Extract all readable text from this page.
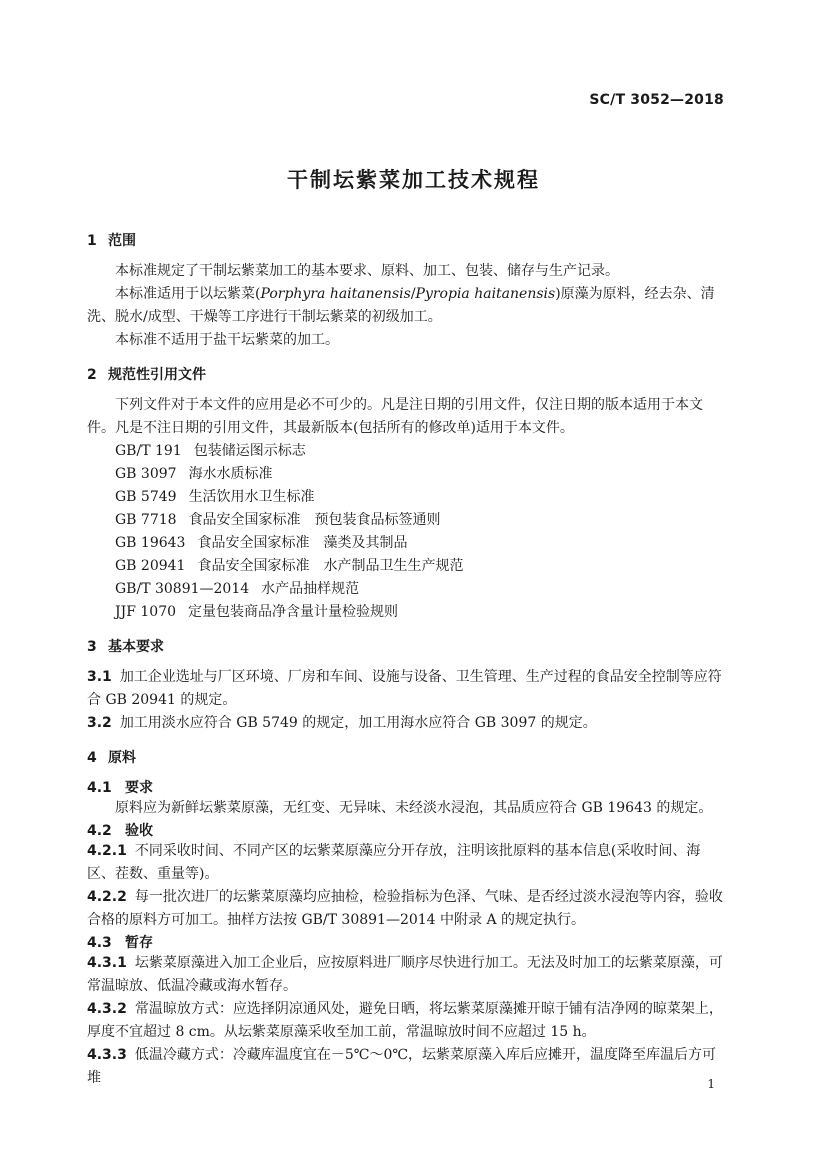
SC/T 3052—2018
干制坛紫菜加工技术规程
1 范围

本标准规定了干制坛紫菜加工的基本要求、原料、加工、包装、储存与生产记录。

本标准适用于以坛紫菜(Porphyra haitanensis/Pyropia haitanensis)原藻为原料，经去杂、清洗、脱水/成型、干燥等工序进行干制坛紫菜的初级加工。

本标准不适用于盐干坛紫菜的加工。

2 规范性引用文件

下列文件对于本文件的应用是必不可少的。凡是注日期的引用文件，仅注日期的版本适用于本文件。凡是不注日期的引用文件，其最新版本(包括所有的修改单)适用于本文件。

GB/T 191 包装储运图示标志
GB 3097 海水水质标准
GB 5749 生活饮用水卫生标准
GB 7718 食品安全国家标准　预包装食品标签通则
GB 19643 食品安全国家标准　藻类及其制品
GB 20941 食品安全国家标准　水产制品卫生生产规范
GB/T 30891—2014 水产品抽样规范
JJF 1070 定量包装商品净含量计量检验规则
3 基本要求

3.1 加工企业选址与厂区环境、厂房和车间、设施与设备、卫生管理、生产过程的食品安全控制等应符合 GB 20941 的规定。

3.2 加工用淡水应符合 GB 5749 的规定，加工用海水应符合 GB 3097 的规定。

4 原料
4.1 要求

原料应为新鲜坛紫菜原藻，无红变、无异味、未经淡水浸泡，其品质应符合 GB 19643 的规定。

4.2 验收

4.2.1 不同采收时间、不同产区的坛紫菜原藻应分开存放，注明该批原料的基本信息(采收时间、海区、茬数、重量等)。

4.2.2 每一批次进厂的坛紫菜原藻均应抽检，检验指标为色泽、气味、是否经过淡水浸泡等内容，验收合格的原料方可加工。抽样方法按 GB/T 30891—2014 中附录 A 的规定执行。

4.3 暂存

4.3.1 坛紫菜原藻进入加工企业后，应按原料进厂顺序尽快进行加工。无法及时加工的坛紫菜原藻，可常温晾放、低温冷藏或海水暂存。

4.3.2 常温晾放方式：应选择阴凉通风处，避免日晒，将坛紫菜原藻摊开晾于铺有洁净网的晾菜架上，厚度不宜超过 8 cm。从坛紫菜原藻采收至加工前，常温晾放时间不应超过 15 h。

4.3.3 低温冷藏方式：冷藏库温度宜在－5℃～0℃，坛紫菜原藻入库后应摊开，温度降至库温后方可堆	1
